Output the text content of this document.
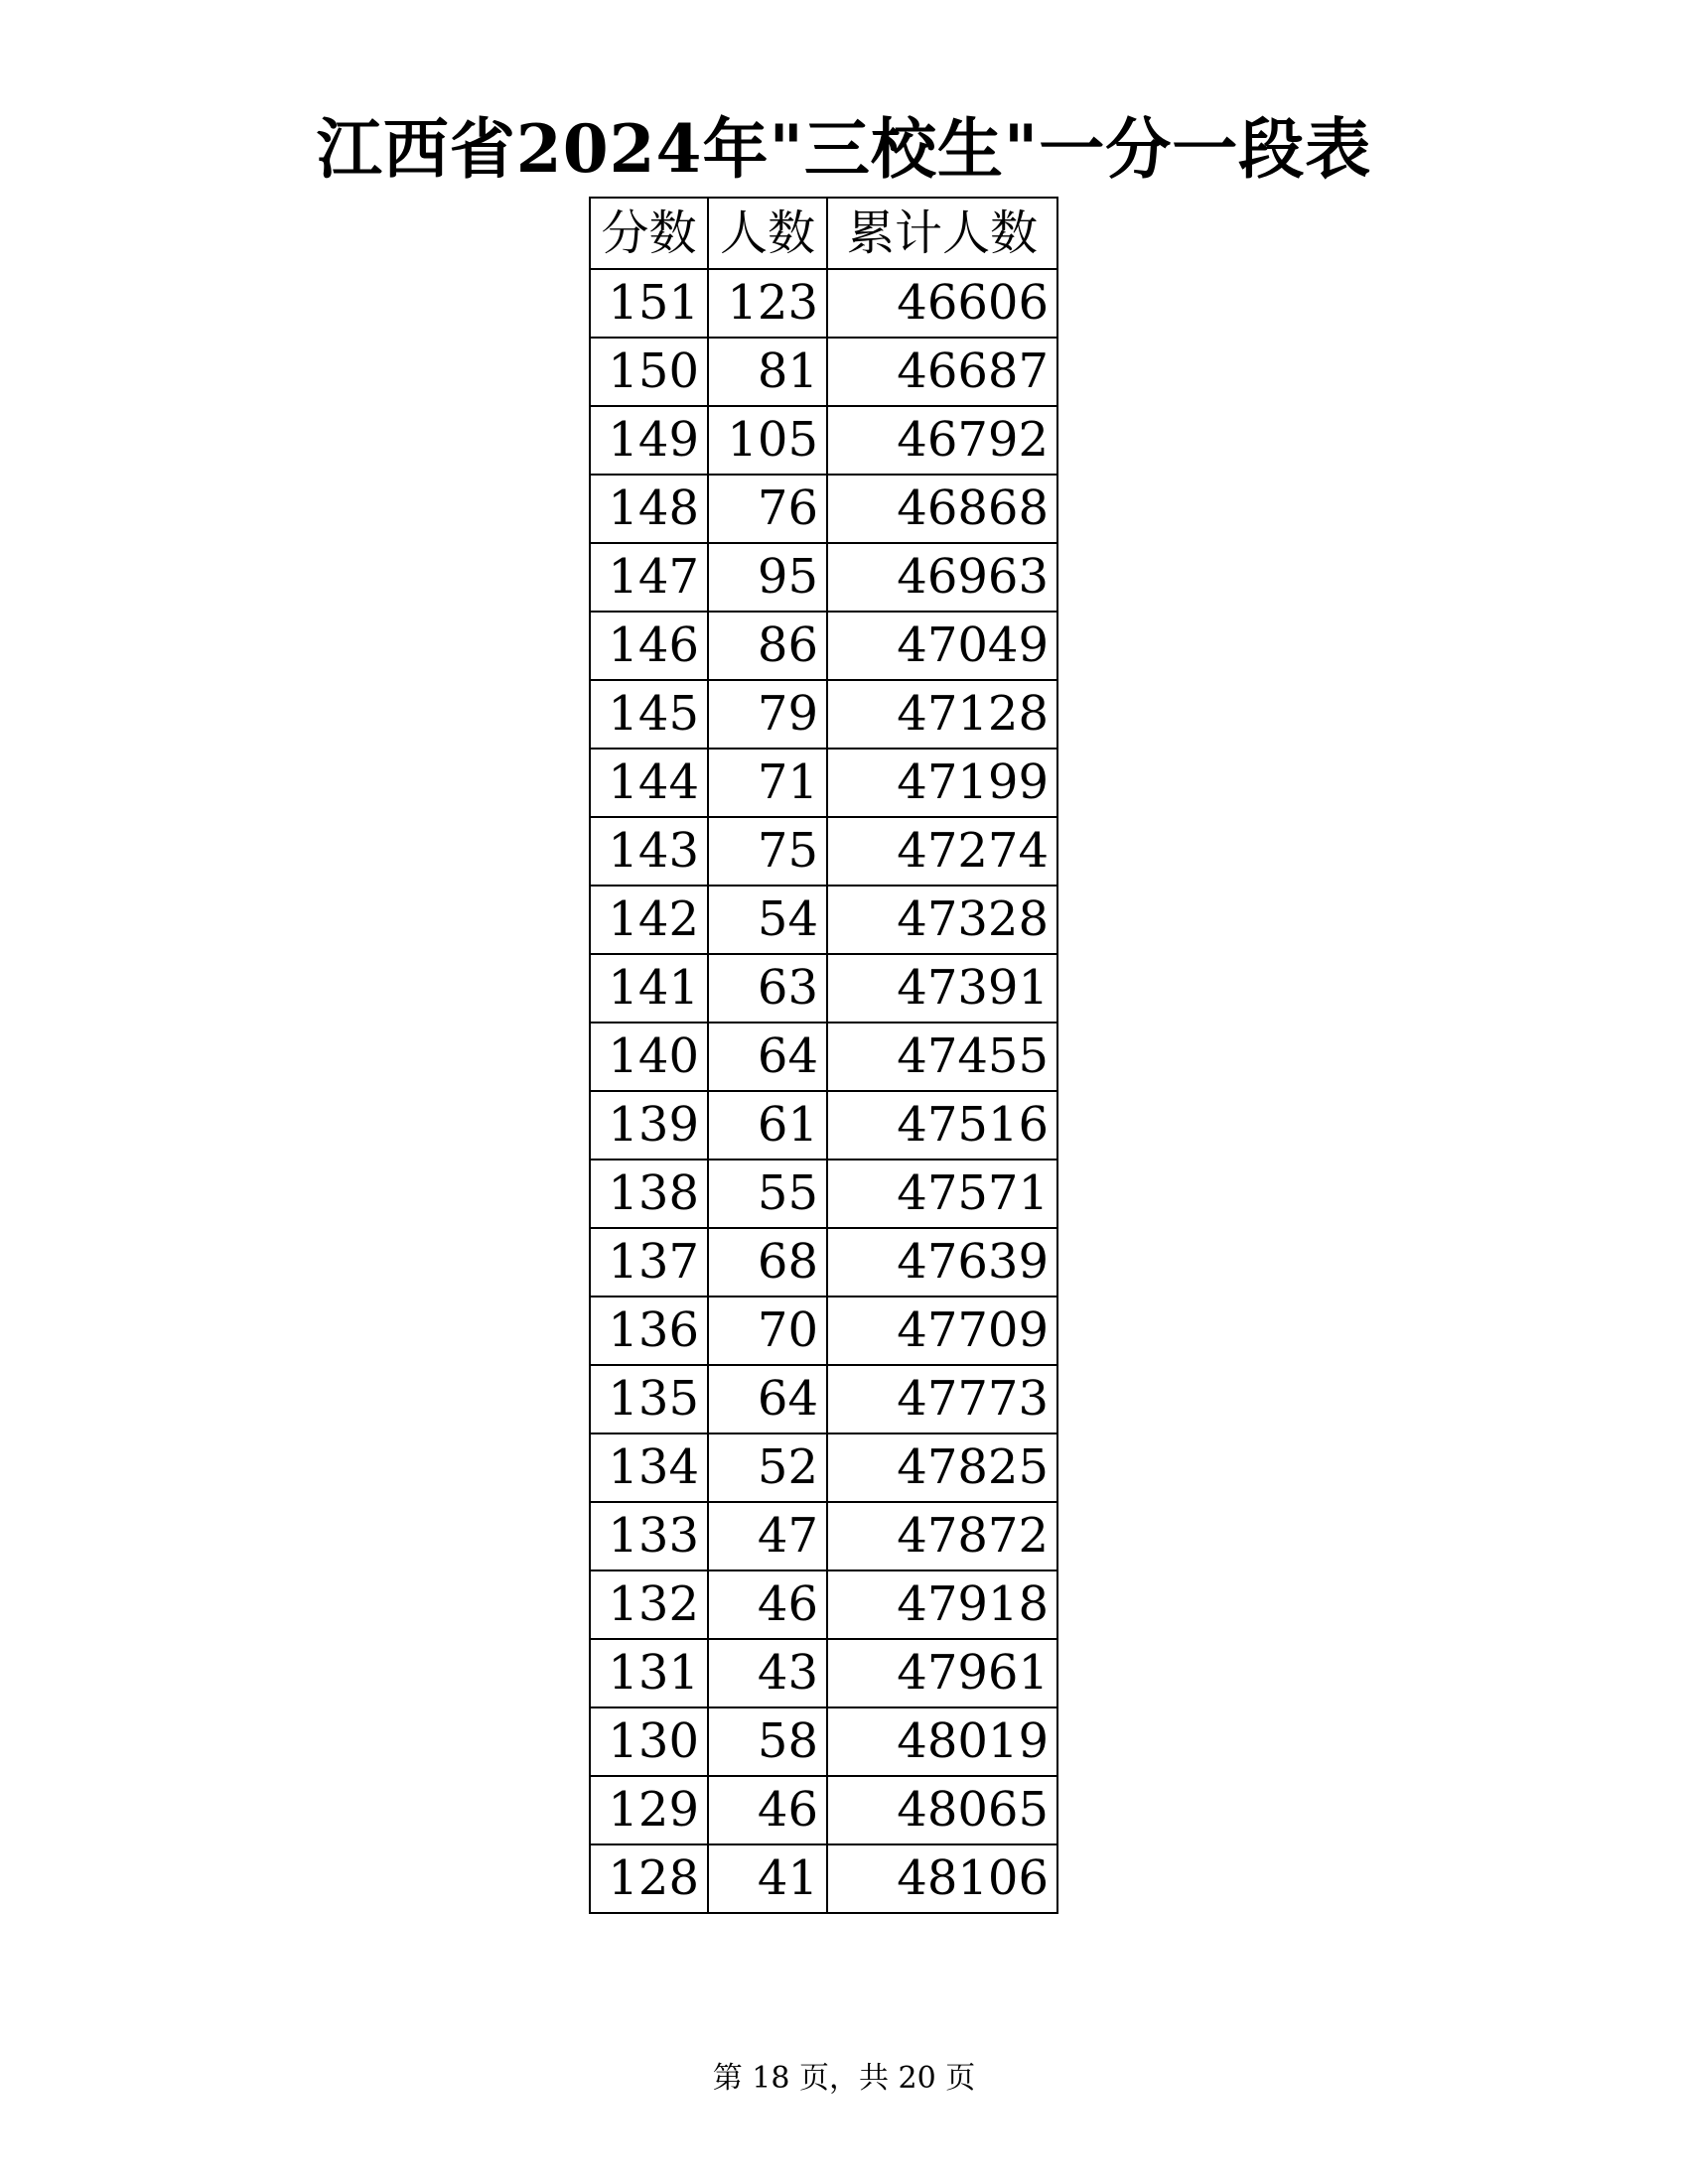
江西省2024年"三校生"一分一段表
分数	人数	累计人数
151	123	46606
150	81	46687
149	105	46792
148	76	46868
147	95	46963
146	86	47049
145	79	47128
144	71	47199
143	75	47274
142	54	47328
141	63	47391
140	64	47455
139	61	47516
138	55	47571
137	68	47639
136	70	47709
135	64	47773
134	52	47825
133	47	47872
132	46	47918
131	43	47961
130	58	48019
129	46	48065
128	41	48106
第 18 页，共 20 页
